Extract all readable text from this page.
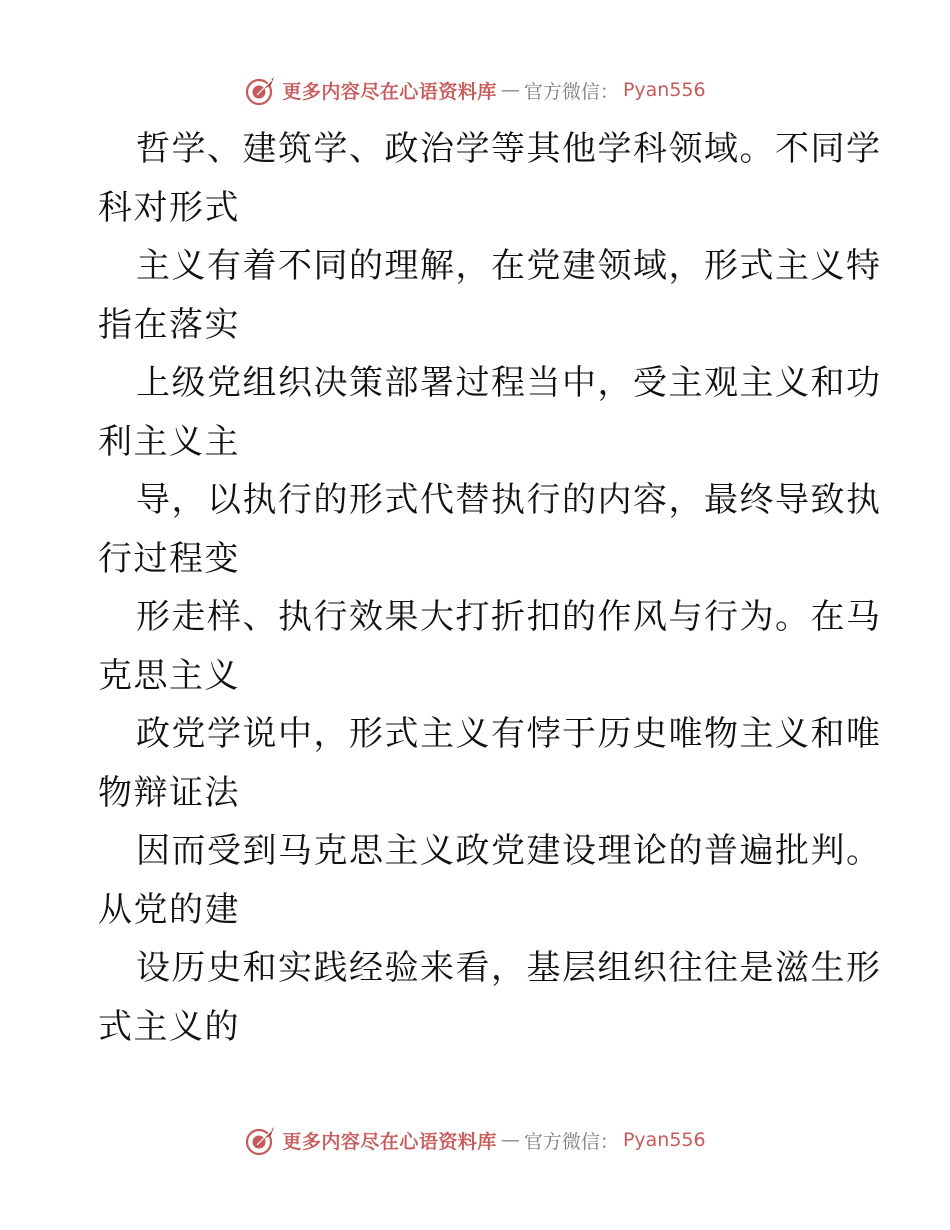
更多内容尽在心语资料库 — 官方微信： Pyan556
哲学、建筑学、政治学等其他学科领域。不同学
科对形式
主义有着不同的理解，在党建领域，形式主义特
指在落实
上级党组织决策部署过程当中，受主观主义和功
利主义主
导，以执行的形式代替执行的内容，最终导致执
行过程变
形走样、执行效果大打折扣的作风与行为。在马
克思主义
政党学说中，形式主义有悖于历史唯物主义和唯
物辩证法
因而受到马克思主义政党建设理论的普遍批判。
从党的建
设历史和实践经验来看，基层组织往往是滋生形
式主义的
更多内容尽在心语资料库 — 官方微信： Pyan556
